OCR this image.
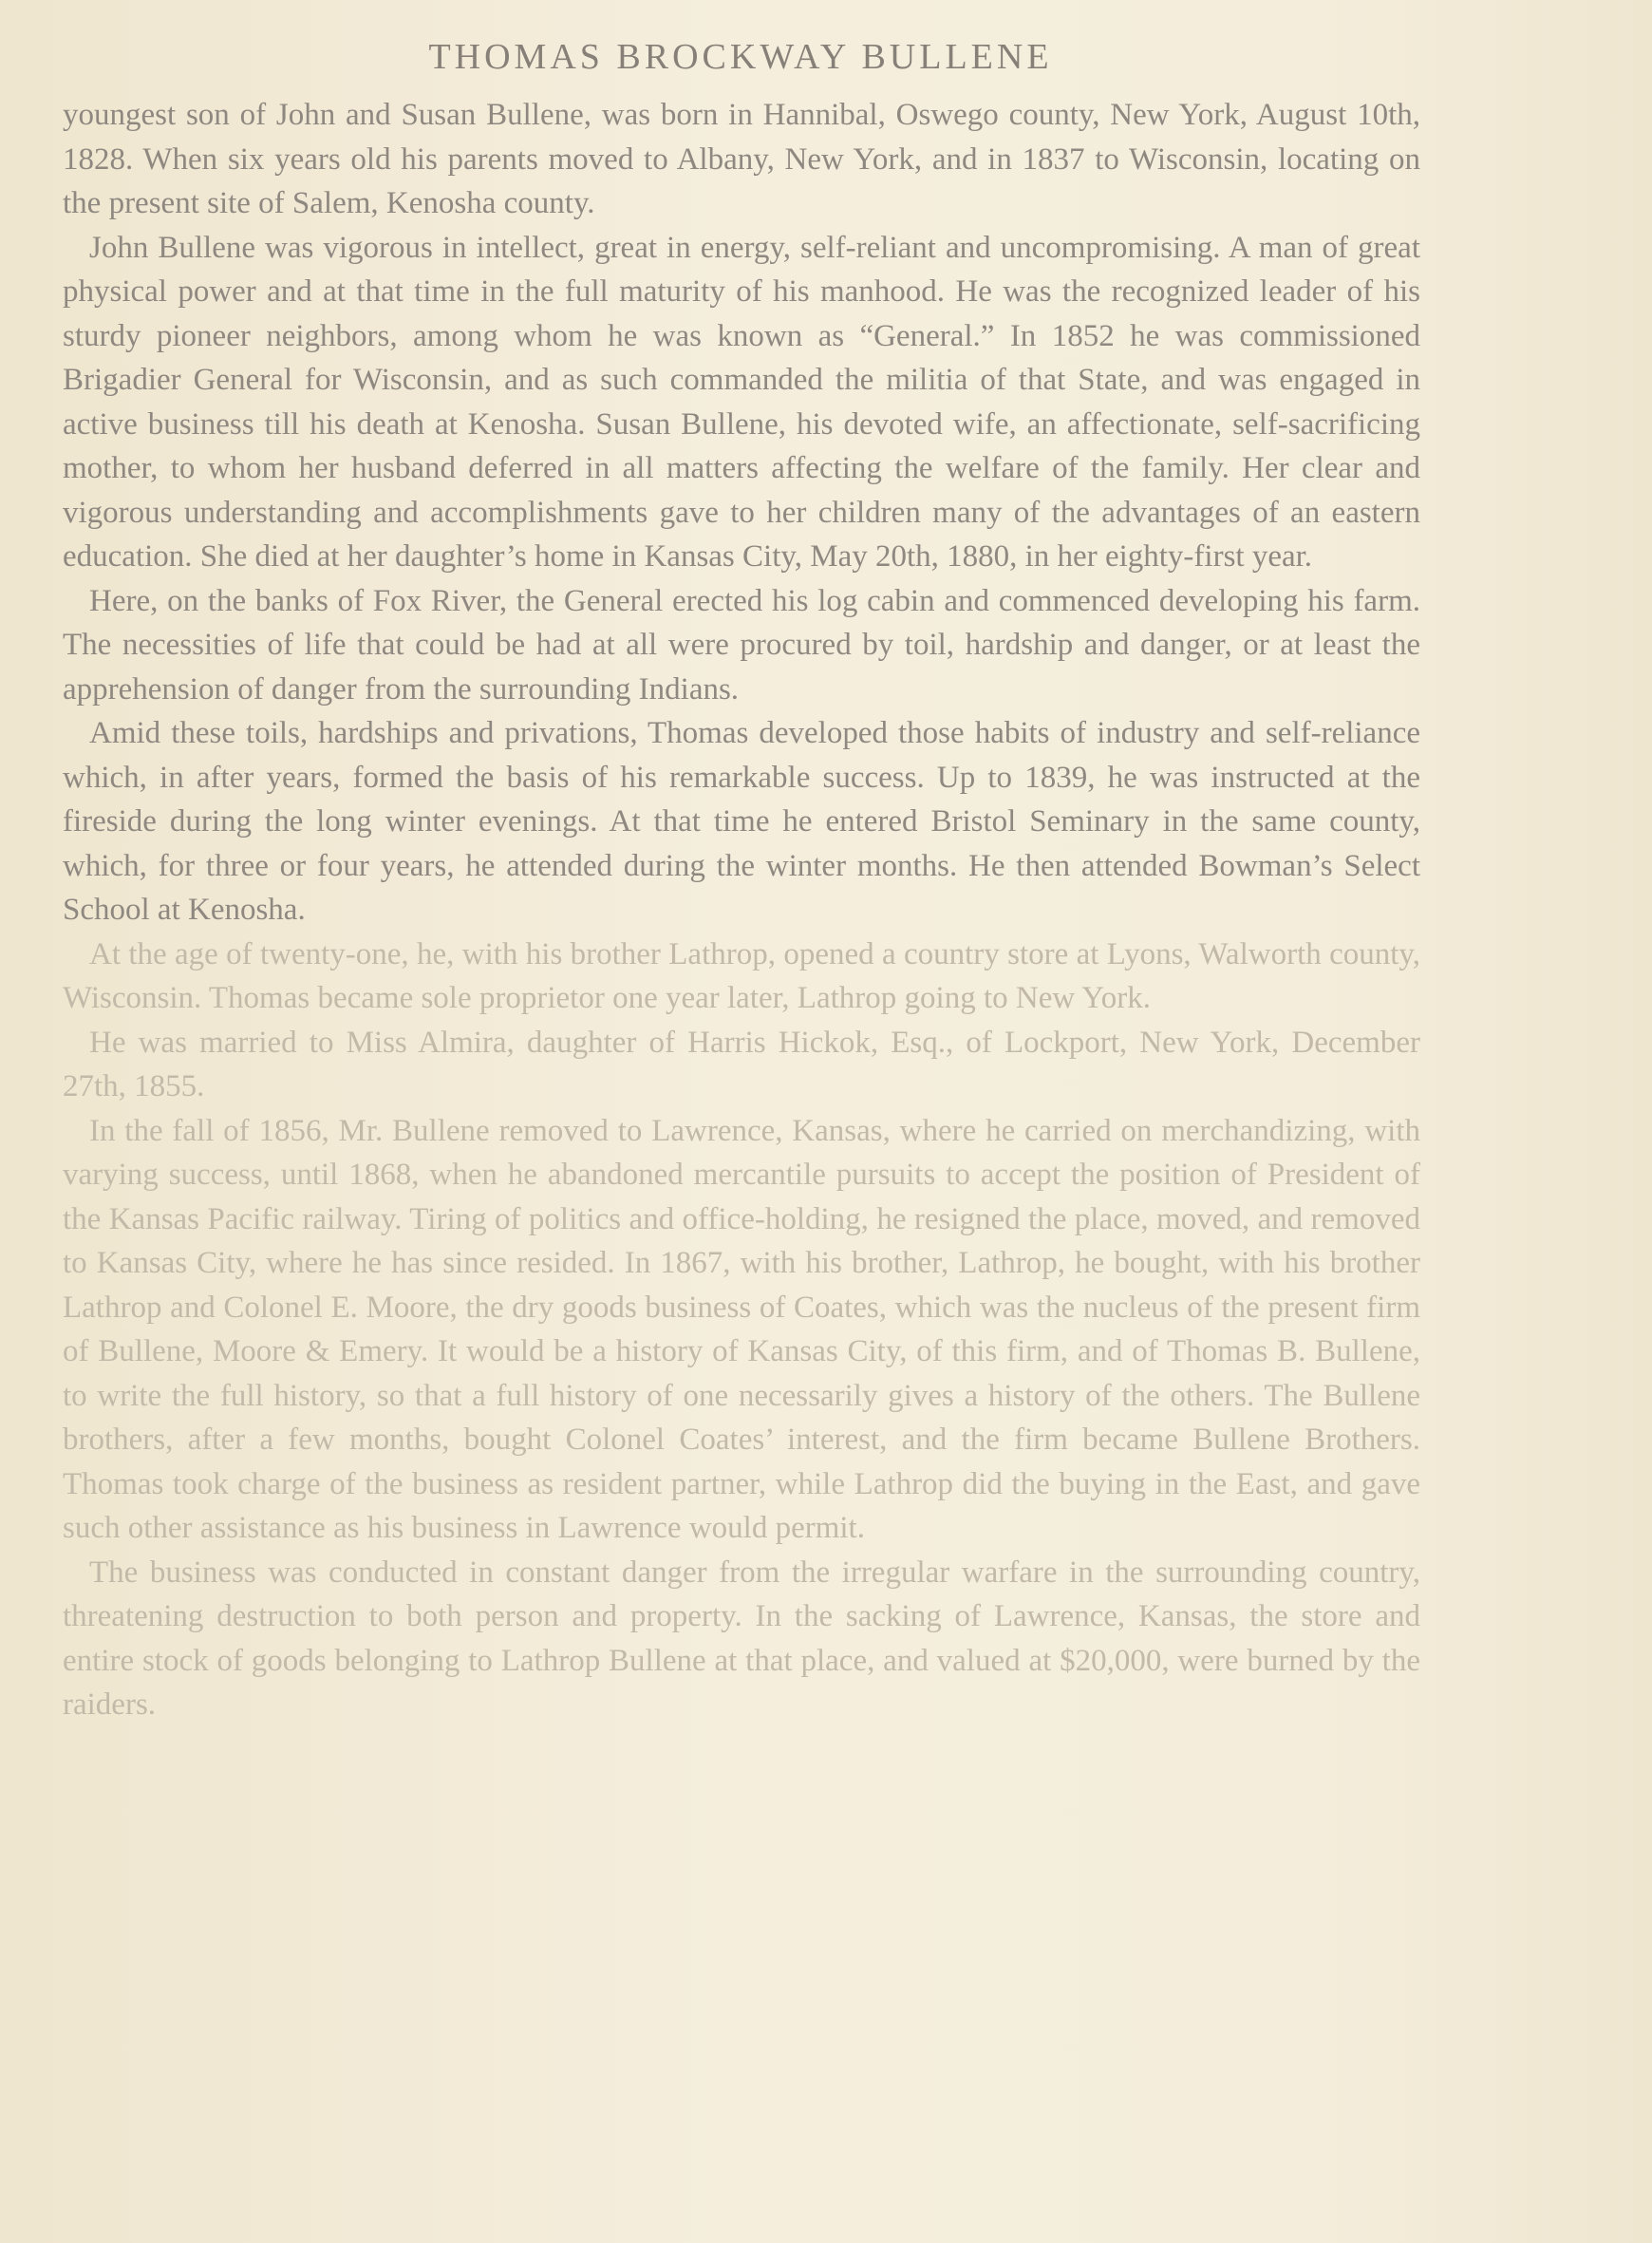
THOMAS BROCKWAY BULLENE

youngest son of John and Susan Bullene, was born in Hannibal, Oswego county, New York, August 10th, 1828. When six years old his parents moved to Albany, New York, and in 1837 to Wisconsin, locating on the present site of Salem, Kenosha county.

John Bullene was vigorous in intellect, great in energy, self-reliant and uncompromising. A man of great physical power and at that time in the full maturity of his manhood. He was the recognized leader of his sturdy pioneer neighbors, among whom he was known as “General.” In 1852 he was commissioned Brigadier General for Wisconsin, and as such commanded the militia of that State, and was engaged in active business till his death at Kenosha. Susan Bullene, his devoted wife, an affectionate, self-sacrificing mother, to whom her husband deferred in all matters affecting the welfare of the family. Her clear and vigorous understanding and accomplishments gave to her children many of the advantages of an eastern education. She died at her daughter’s home in Kansas City, May 20th, 1880, in her eighty-first year.

Here, on the banks of Fox River, the General erected his log cabin and commenced developing his farm. The necessities of life that could be had at all were procured by toil, hardship and danger, or at least the apprehension of danger from the surrounding Indians.

Amid these toils, hardships and privations, Thomas developed those habits of industry and self-reliance which, in after years, formed the basis of his remarkable success. Up to 1839, he was instructed at the fireside during the long winter evenings. At that time he entered Bristol Seminary in the same county, which, for three or four years, he attended during the winter months. He then attended Bowman’s Select School at Kenosha.

At the age of twenty-one, he, with his brother Lathrop, opened a country store at Lyons, Walworth county, Wisconsin. Thomas became sole proprietor one year later, Lathrop going to New York.

He was married to Miss Almira, daughter of Harris Hickok, Esq., of Lockport, New York, December 27th, 1855.

In the fall of 1856, Mr. Bullene removed to Lawrence, Kansas, where he carried on merchandizing, with varying success, until 1868, when he abandoned mercantile pursuits to accept the position of President of the Kansas Pacific railway. Tiring of politics and office-holding, he resigned the place, moved, and removed to Kansas City, where he has since resided. In 1867, with his brother, Lathrop, he bought, with his brother Lathrop and Colonel E. Moore, the dry goods business of Coates, which was the nucleus of the present firm of Bullene, Moore & Emery. It would be a history of Kansas City, of this firm, and of Thomas B. Bullene, to write the full history, so that a full history of one necessarily gives a history of the others. The Bullene brothers, after a few months, bought Colonel Coates’ interest, and the firm became Bullene Brothers. Thomas took charge of the business as resident partner, while Lathrop did the buying in the East, and gave such other assistance as his business in Lawrence would permit.

The business was conducted in constant danger from the irregular warfare in the surrounding country, threatening destruction to both person and property. In the sacking of Lawrence, Kansas, the store and entire stock of goods belonging to Lathrop Bullene at that place, and valued at $20,000, were burned by the raiders.
